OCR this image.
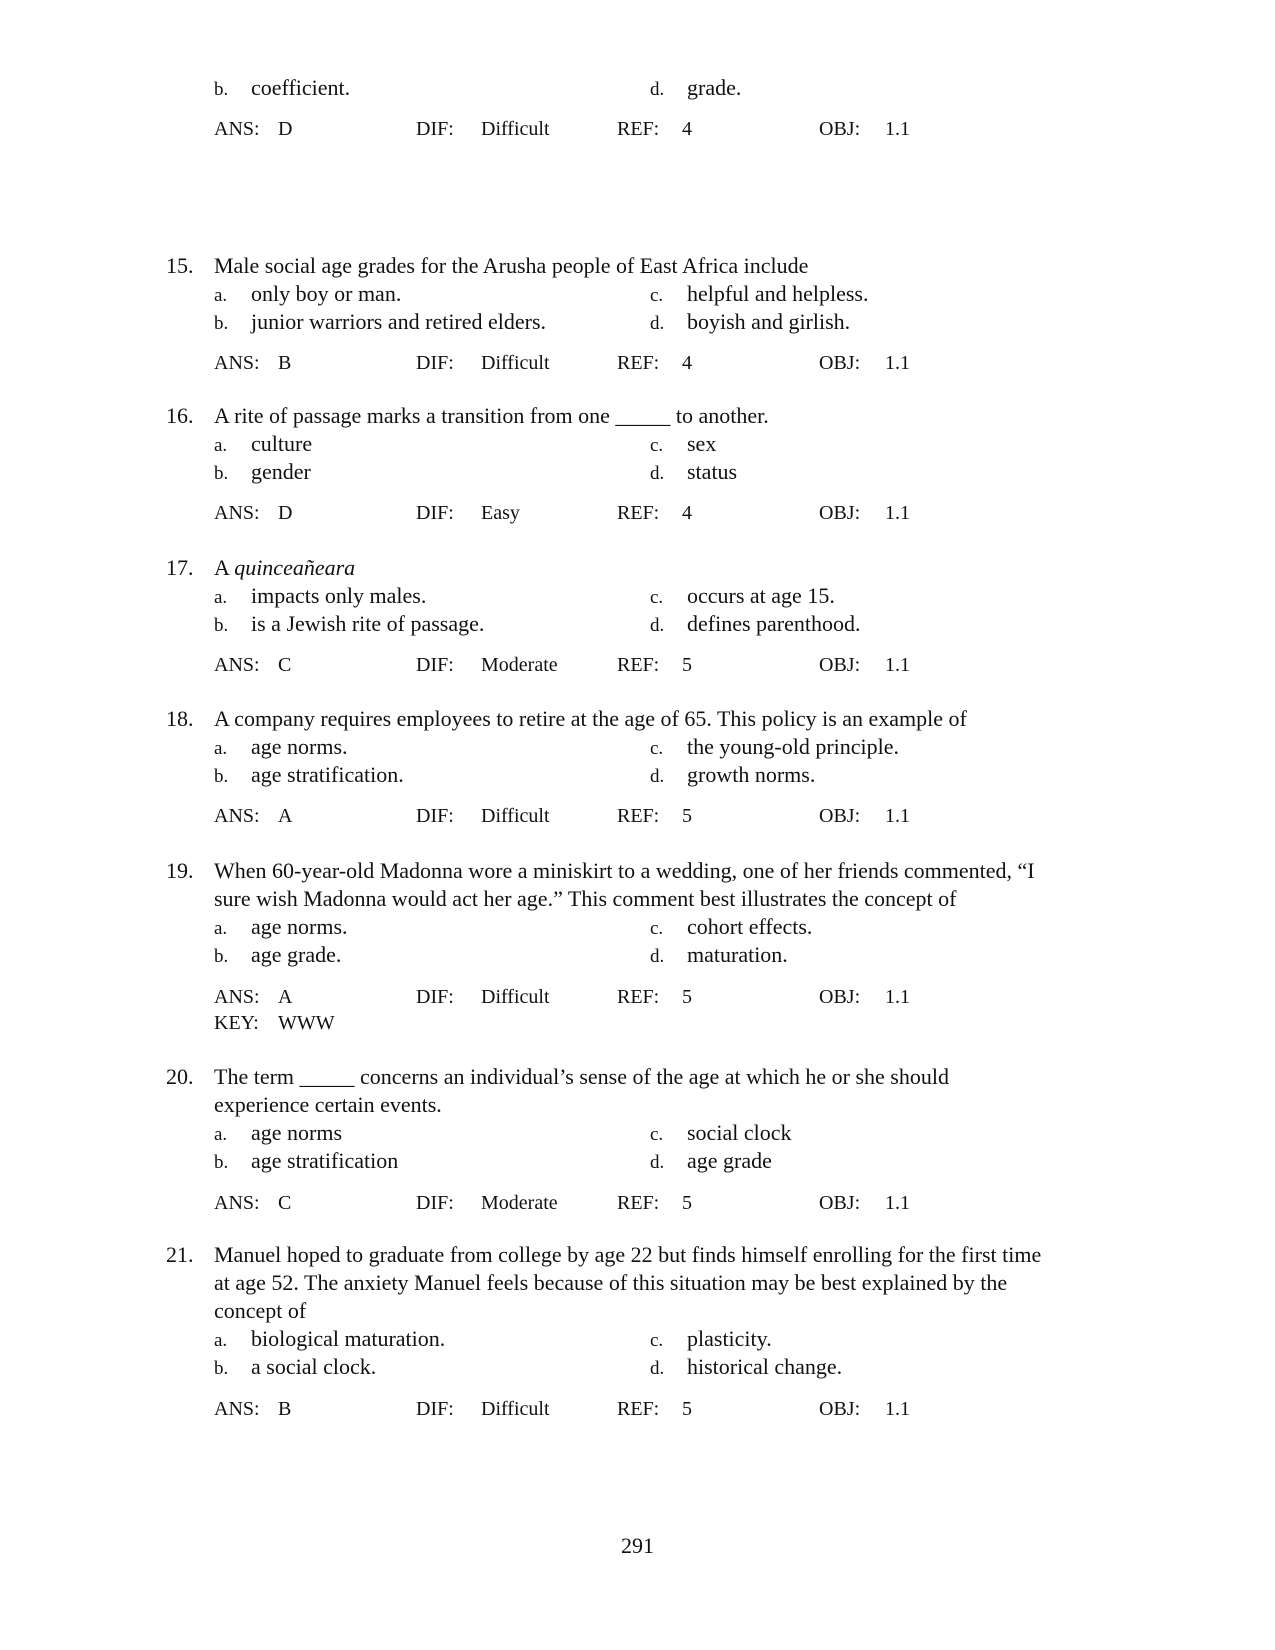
b. coefficient.	d. grade.
ANS: D	DIF: Difficult	REF: 4	OBJ: 1.1
15. Male social age grades for the Arusha people of East Africa include
a. only boy or man.	c. helpful and helpless.
b. junior warriors and retired elders.	d. boyish and girlish.
ANS: B	DIF: Difficult	REF: 4	OBJ: 1.1
16. A rite of passage marks a transition from one _____ to another.
a. culture	c. sex
b. gender	d. status
ANS: D	DIF: Easy	REF: 4	OBJ: 1.1
17. A quinceañeara
a. impacts only males.	c. occurs at age 15.
b. is a Jewish rite of passage.	d. defines parenthood.
ANS: C	DIF: Moderate	REF: 5	OBJ: 1.1
18. A company requires employees to retire at the age of 65. This policy is an example of
a. age norms.	c. the young-old principle.
b. age stratification.	d. growth norms.
ANS: A	DIF: Difficult	REF: 5	OBJ: 1.1
19. When 60-year-old Madonna wore a miniskirt to a wedding, one of her friends commented, “I
sure wish Madonna would act her age.” This comment best illustrates the concept of
a. age norms.	c. cohort effects.
b. age grade.	d. maturation.
ANS: A	DIF: Difficult	REF: 5	OBJ: 1.1
KEY: WWW
20. The term _____ concerns an individual’s sense of the age at which he or she should
experience certain events.
a. age norms	c. social clock
b. age stratification	d. age grade
ANS: C	DIF: Moderate	REF: 5	OBJ: 1.1
21. Manuel hoped to graduate from college by age 22 but finds himself enrolling for the first time
at age 52. The anxiety Manuel feels because of this situation may be best explained by the
concept of
a. biological maturation.	c. plasticity.
b. a social clock.	d. historical change.
ANS: B	DIF: Difficult	REF: 5	OBJ: 1.1
291
